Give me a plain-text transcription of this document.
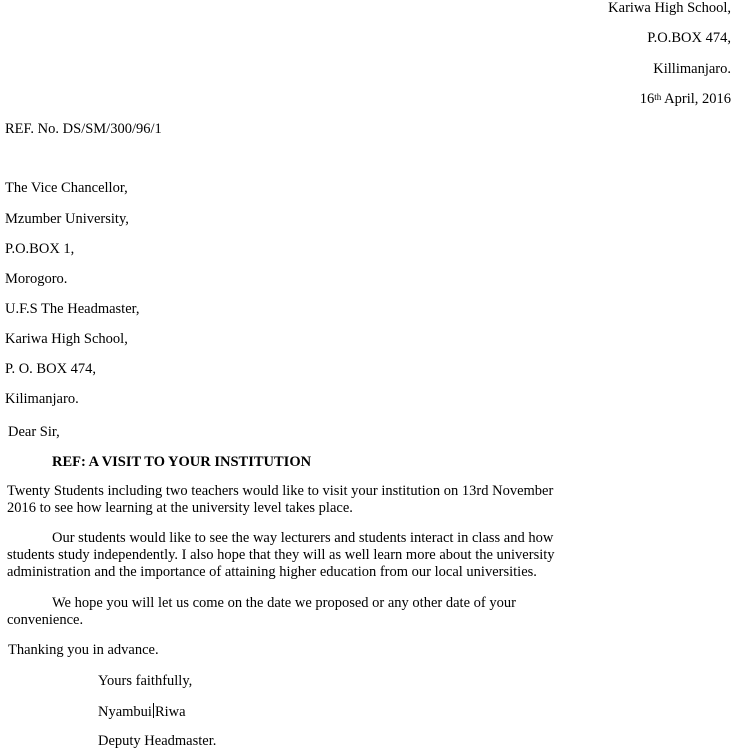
Kariwa High School,
P.O.BOX 474,
Killimanjaro.
16th April, 2016
REF. No. DS/SM/300/96/1
The Vice Chancellor,
Mzumber University,
P.O.BOX 1,
Morogoro.
U.F.S The Headmaster,
Kariwa High School,
P. O. BOX 474,
Kilimanjaro.
Dear Sir,
REF: A VISIT TO YOUR INSTITUTION
Twenty Students including two teachers would like to visit your institution on 13rd November
2016 to see how learning at the university level takes place.
Our students would like to see the way lecturers and students interact in class and how
students study independently. I also hope that they will as well learn more about the university
administration and the importance of attaining higher education from our local universities.
We hope you will let us come on the date we proposed or any other date of your
convenience.
Thanking you in advance.
Yours faithfully,
Nyambui Riwa
Deputy Headmaster.
